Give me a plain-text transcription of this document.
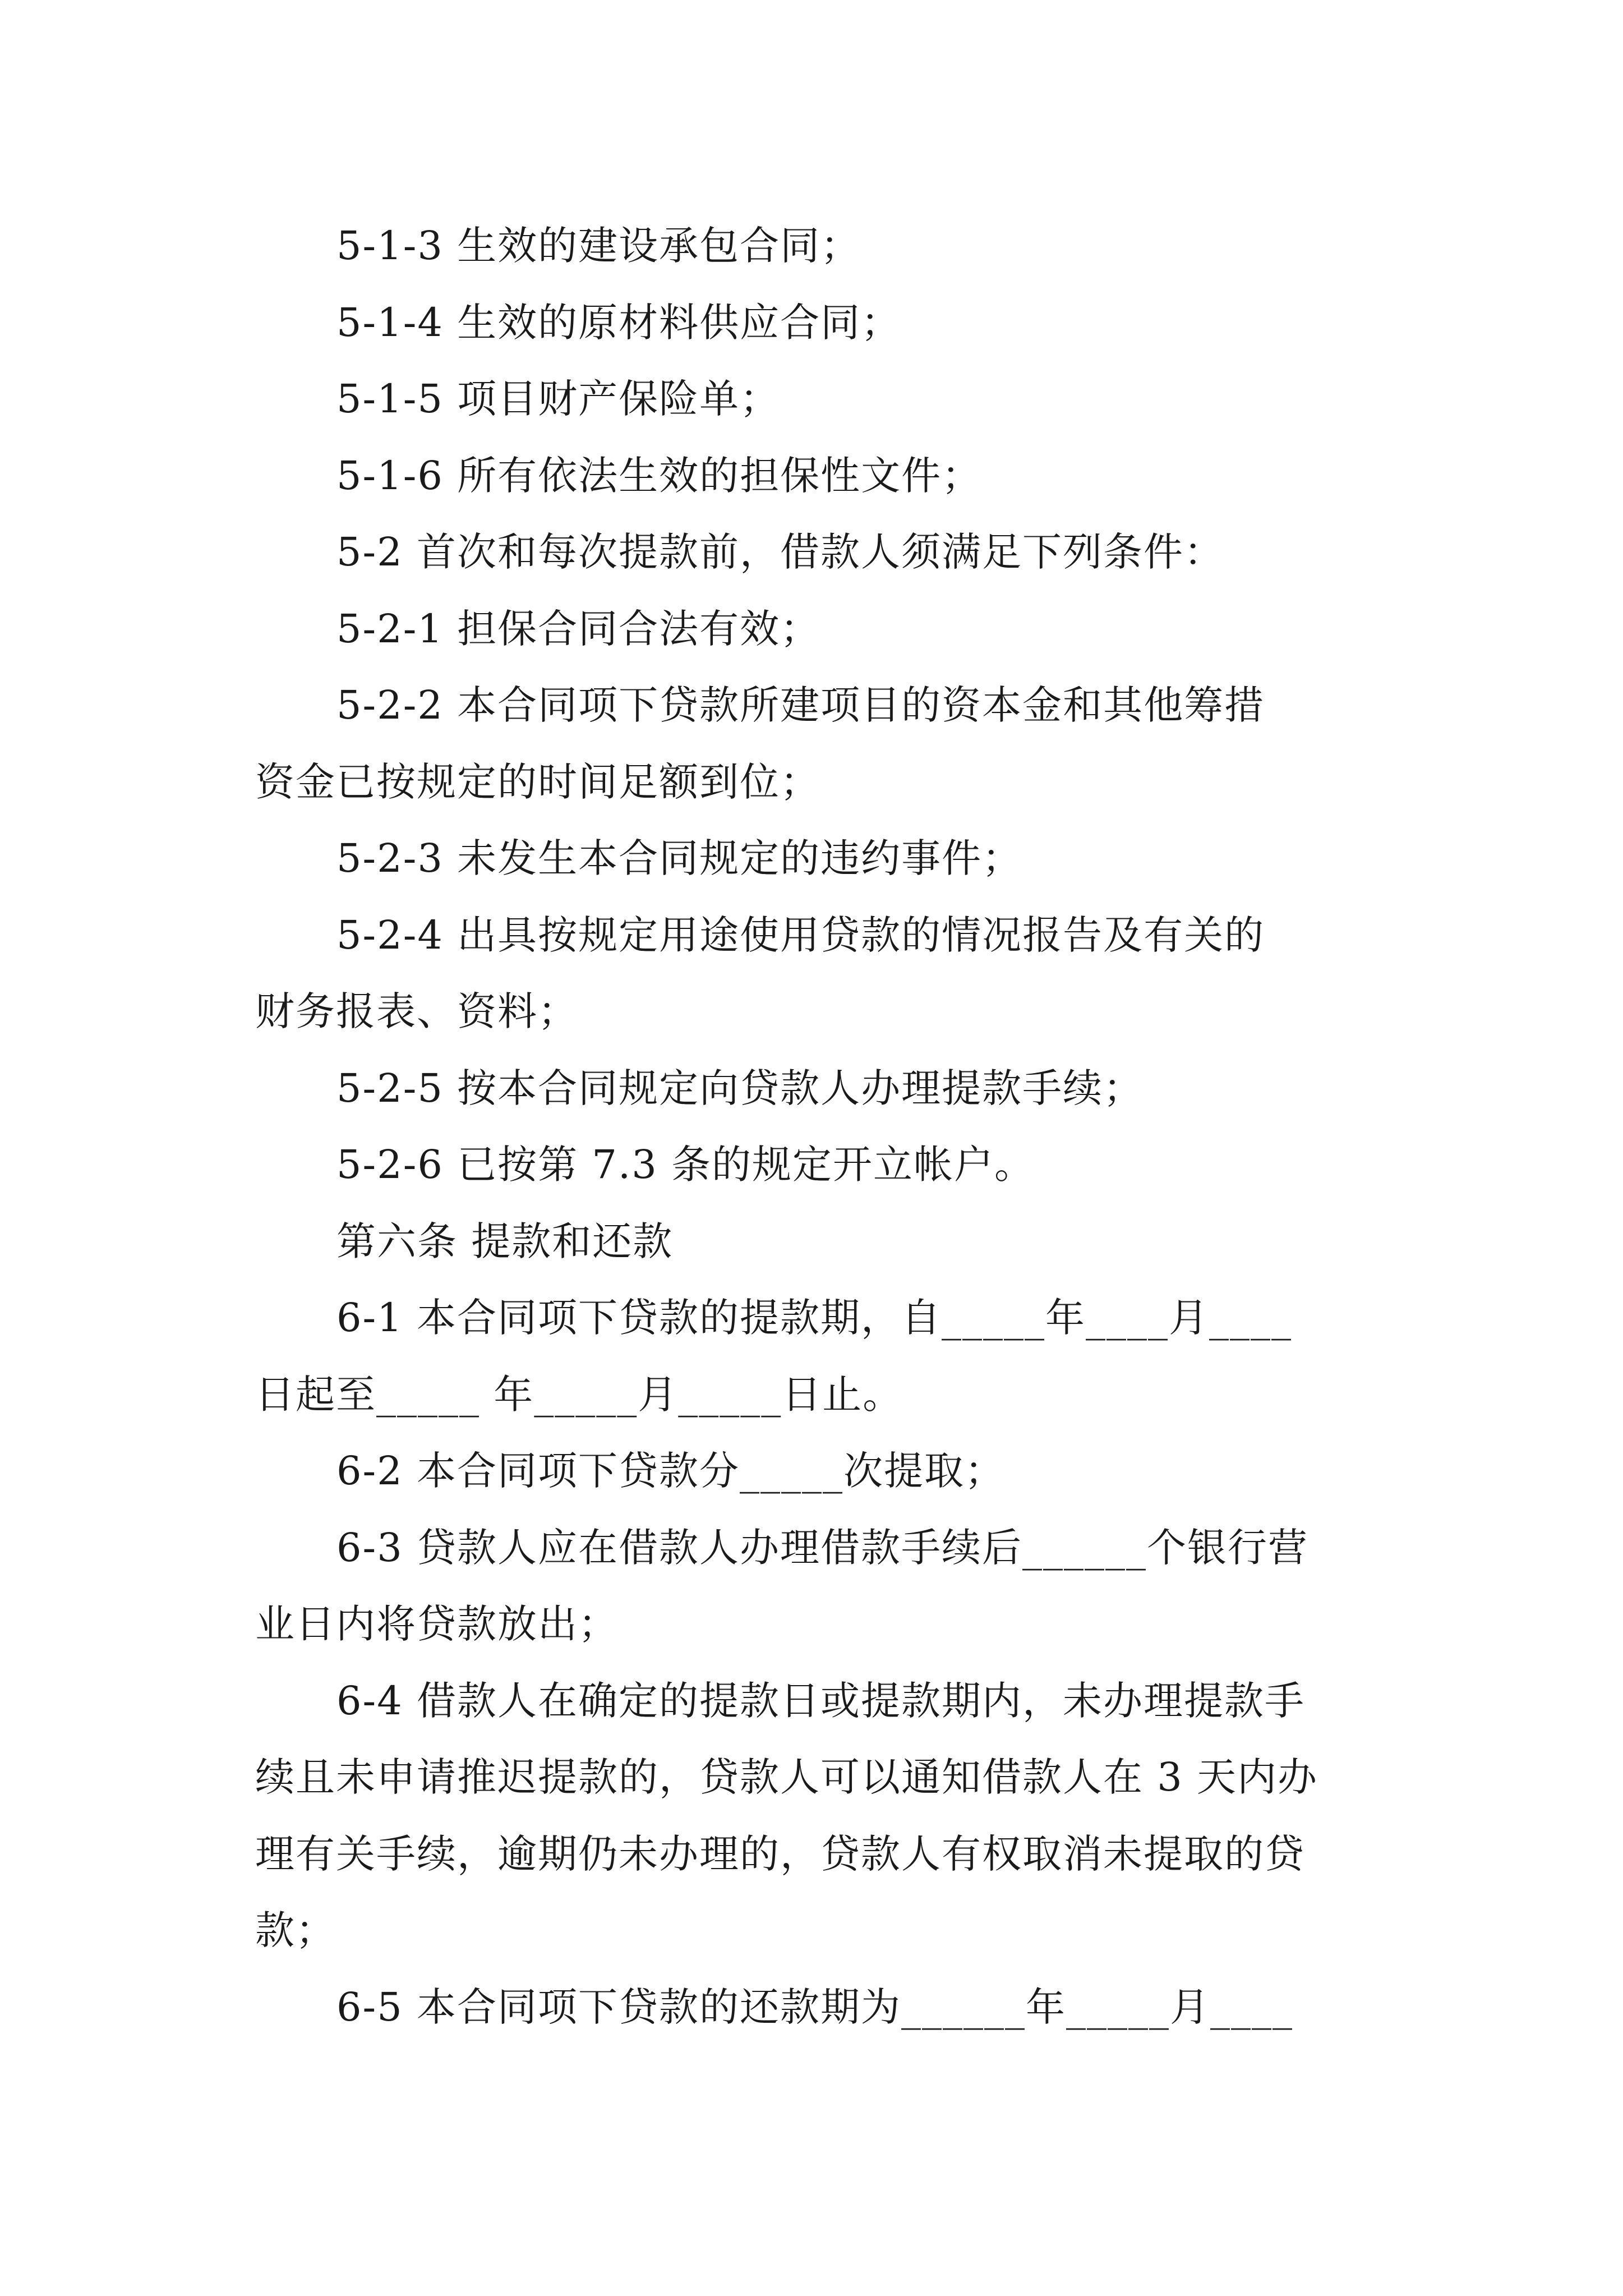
5-1-3 生效的建设承包合同；

5-1-4 生效的原材料供应合同；

5-1-5 项目财产保险单；

5-1-6 所有依法生效的担保性文件；

5-2 首次和每次提款前，借款人须满足下列条件：

5-2-1 担保合同合法有效；

5-2-2 本合同项下贷款所建项目的资本金和其他筹措

资金已按规定的时间足额到位；

5-2-3 未发生本合同规定的违约事件；

5-2-4 出具按规定用途使用贷款的情况报告及有关的

财务报表、资料；

5-2-5 按本合同规定向贷款人办理提款手续；

5-2-6 已按第 7.3 条的规定开立帐户。

第六条 提款和还款

6-1 本合同项下贷款的提款期，自_____年____月____

日起至_____ 年_____月_____日止。

6-2 本合同项下贷款分_____次提取；

6-3 贷款人应在借款人办理借款手续后______个银行营

业日内将贷款放出；

6-4 借款人在确定的提款日或提款期内，未办理提款手

续且未申请推迟提款的，贷款人可以通知借款人在 3 天内办

理有关手续，逾期仍未办理的，贷款人有权取消未提取的贷

款；

6-5 本合同项下贷款的还款期为______年_____月____
